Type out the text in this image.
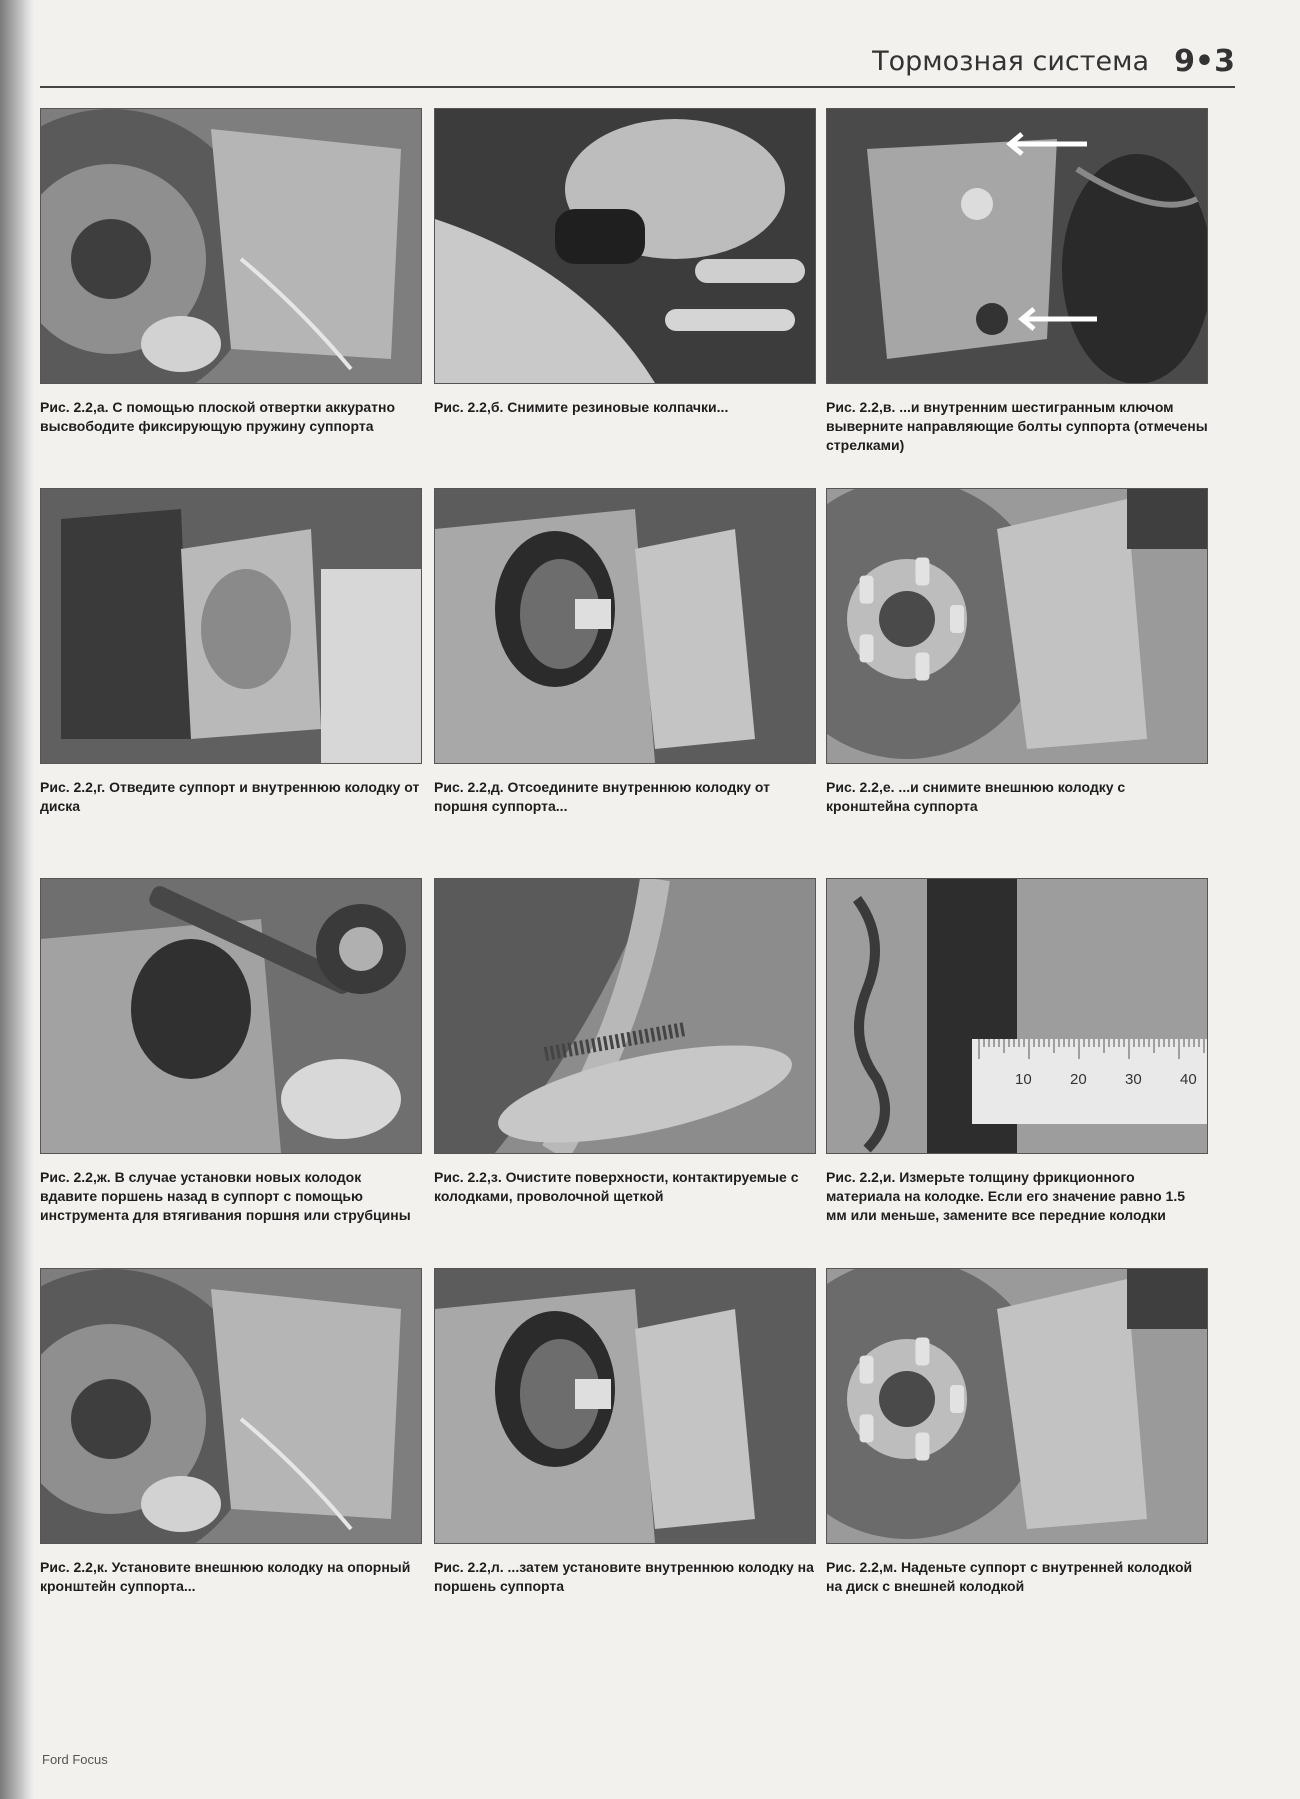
Тормозная система 9•3
Рис. 2.2,а. С помощью плоской отвертки аккуратно высвободите фиксирующую пружину суппорта
Рис. 2.2,б. Снимите резиновые колпачки...	Рис. 2.2,в. ...и внутренним шестигранным ключом выверните направляющие болты суппорта (отмечены стрелками)
Рис. 2.2,г. Отведите суппорт и внутреннюю колодку от диска
Рис. 2.2,д. Отсоедините внутреннюю колодку от поршня суппорта...
Рис. 2.2,е. ...и снимите внешнюю колодку с кронштейна суппорта
Рис. 2.2,ж. В случае установки новых колодок вдавите поршень назад в суппорт с помощью инструмента для втягивания поршня или струбцины
Рис. 2.2,з. Очистите поверхности, контактируемые с колодками, проволочной щеткой
10	20	30	40
Рис. 2.2,и. Измерьте толщину фрикционного материала на колодке. Если его значение равно 1.5 мм или меньше, замените все передние колодки
Рис. 2.2,к. Установите внешнюю колодку на опорный кронштейн суппорта...
Рис. 2.2,л. ...затем установите внутреннюю колодку на поршень суппорта
Рис. 2.2,м. Наденьте суппорт с внутренней колодкой на диск с внешней колодкой
Ford Focus
